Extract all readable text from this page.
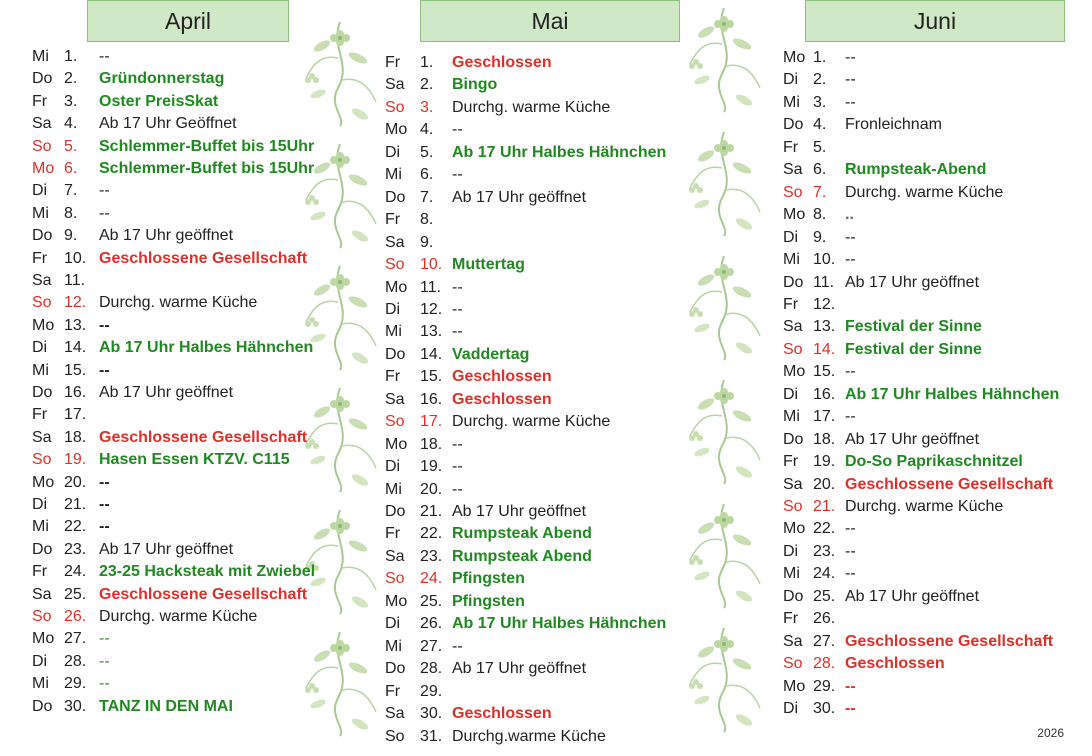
April	Mai	Juni
Mi 1. --
Do 2. Gründonnerstag
Fr 3. Oster PreisSkat
Sa 4. Ab 17 Uhr Geöffnet
So 5. Schlemmer-Buffet bis 15Uhr
Mo 6. Schlemmer-Buffet bis 15Uhr
Di 7. --
Mi 8. --
Do 9. Ab 17 Uhr geöffnet
Fr 10. Geschlossene Gesellschaft
Sa 11.
So 12. Durchg. warme Küche
Mo 13. --
Di 14. Ab 17 Uhr Halbes Hähnchen
Mi 15. --
Do 16. Ab 17 Uhr geöffnet
Fr 17.
Sa 18. Geschlossene Gesellschaft
So 19. Hasen Essen KTZV. C115
Mo 20. --
Di 21. --
Mi 22. --
Do 23. Ab 17 Uhr geöffnet
Fr 24. 23-25 Hacksteak mit Zwiebel
Sa 25. Geschlossene Gesellschaft
So 26. Durchg. warme Küche
Mo 27. --
Di 28. --
Mi 29. --
Do 30. TANZ IN DEN MAI
Fr 1. Geschlossen
Sa 2. Bingo
So 3. Durchg. warme Küche
Mo 4. --
Di 5. Ab 17 Uhr Halbes Hähnchen
Mi 6. --
Do 7. Ab 17 Uhr geöffnet
Fr 8.
Sa 9.
So 10. Muttertag
Mo 11. --
Di 12. --
Mi 13. --
Do 14. Vaddertag
Fr 15. Geschlossen
Sa 16. Geschlossen
So 17. Durchg. warme Küche
Mo 18. --
Di 19. --
Mi 20. --
Do 21. Ab 17 Uhr geöffnet
Fr 22. Rumpsteak Abend
Sa 23. Rumpsteak Abend
So 24. Pfingsten
Mo 25. Pfingsten
Di 26. Ab 17 Uhr Halbes Hähnchen
Mi 27. --
Do 28. Ab 17 Uhr geöffnet
Fr 29.
Sa 30. Geschlossen
So 31. Durchg.warme Küche
Mo 1. --
Di 2. --
Mi 3. --
Do 4. Fronleichnam
Fr 5.
Sa 6. Rumpsteak-Abend
So 7. Durchg. warme Küche
Mo 8. ..
Di 9. --
Mi 10. --
Do 11. Ab 17 Uhr geöffnet
Fr 12.
Sa 13. Festival der Sinne
So 14. Festival der Sinne
Mo 15. --
Di 16. Ab 17 Uhr Halbes Hähnchen
Mi 17. --
Do 18. Ab 17 Uhr geöffnet
Fr 19. Do-So Paprikaschnitzel
Sa 20. Geschlossene Gesellschaft
So 21. Durchg. warme Küche
Mo 22. --
Di 23. --
Mi 24. --
Do 25. Ab 17 Uhr geöffnet
Fr 26.
Sa 27. Geschlossene Gesellschaft
So 28. Geschlossen
Mo 29. --
Di 30. --
2026
